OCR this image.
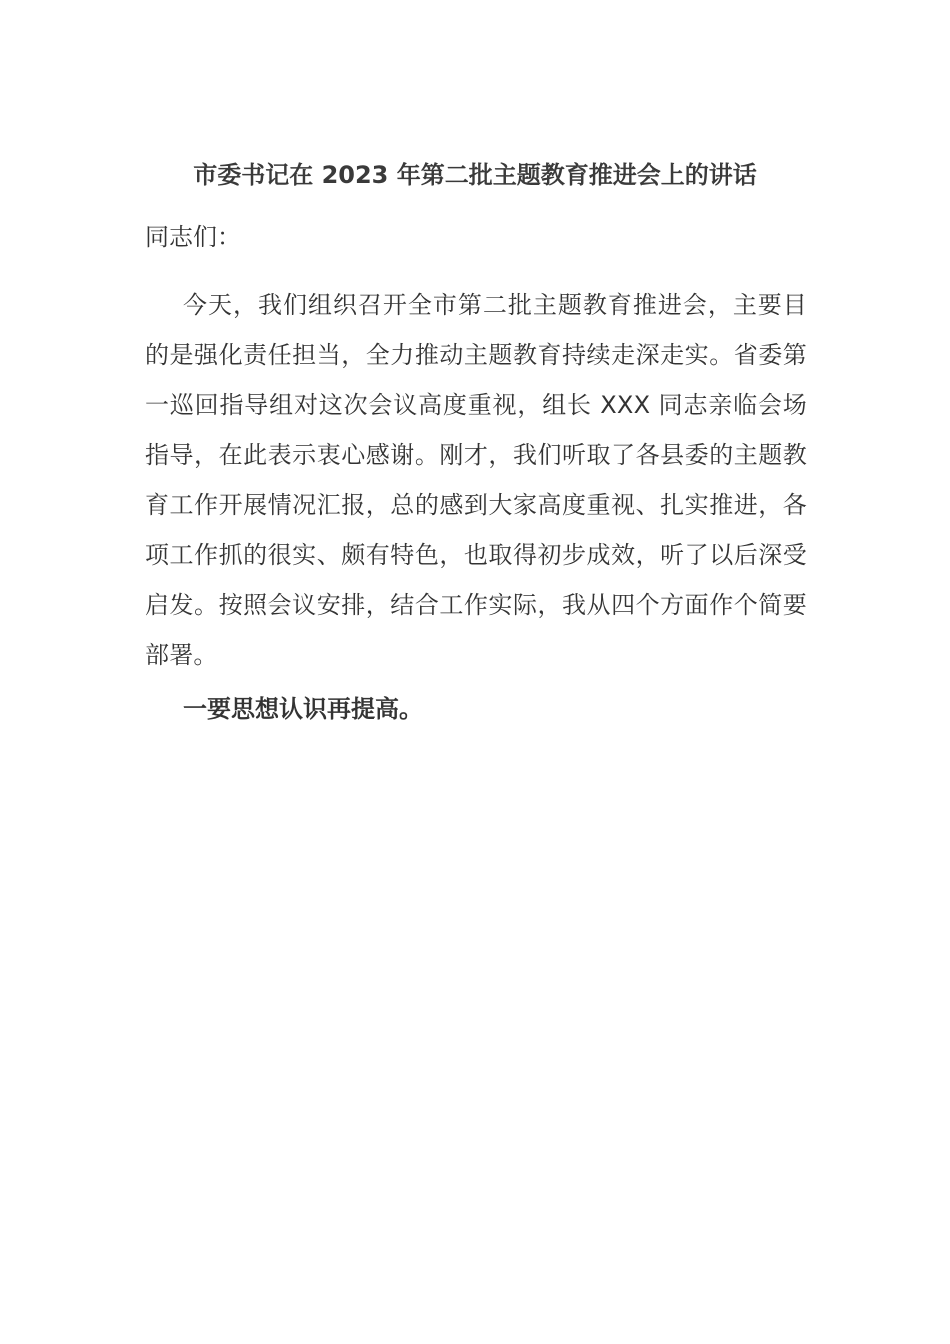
市委书记在 2023 年第二批主题教育推进会上的讲话
同志们：
今天，我们组织召开全市第二批主题教育推进会，主要目的是强化责任担当，全力推动主题教育持续走深走实。省委第一巡回指导组对这次会议高度重视，组长 XXX 同志亲临会场指导，在此表示衷心感谢。刚才，我们听取了各县委的主题教育工作开展情况汇报，总的感到大家高度重视、扎实推进，各项工作抓的很实、颇有特色，也取得初步成效，听了以后深受启发。按照会议安排，结合工作实际，我从四个方面作个简要部署。
一要思想认识再提高。
